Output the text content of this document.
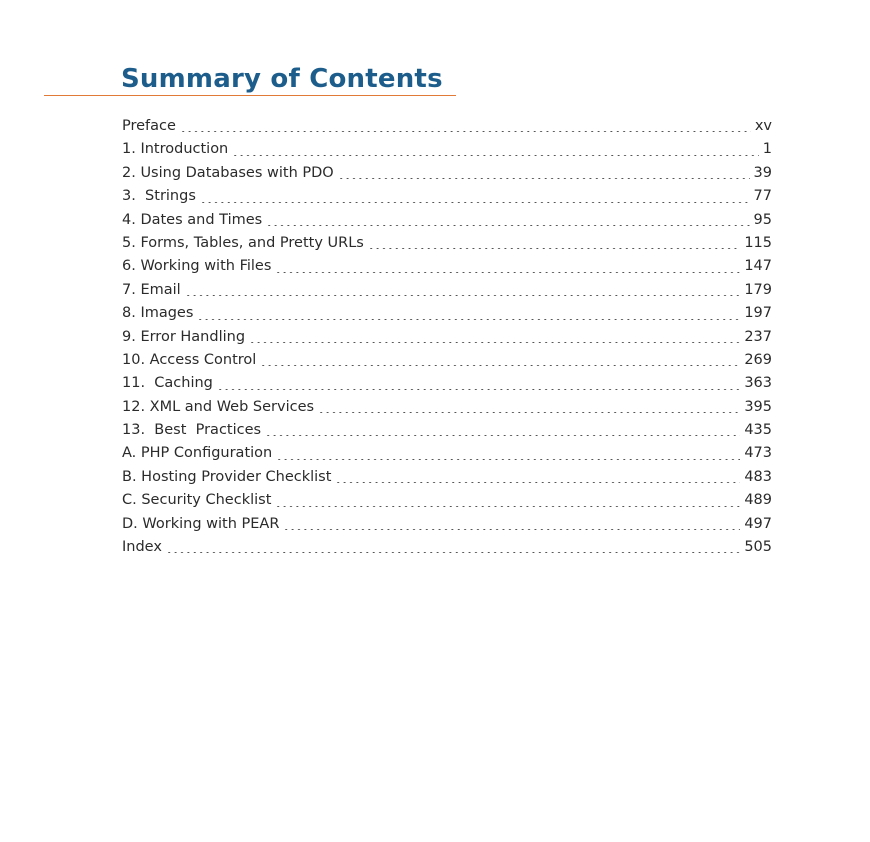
Summary of Contents
Preface	xv
1. Introduction	1
2. Using Databases with PDO	39
3.  Strings	77
4. Dates and Times	95
5. Forms, Tables, and Pretty URLs	115
6. Working with Files	147
7. Email	179
8. Images	197
9. Error Handling	237
10. Access Control	269
11.  Caching	363
12. XML and Web Services	395
13.  Best  Practices	435
A. PHP Configuration	473
B. Hosting Provider Checklist	483
C. Security Checklist	489
D. Working with PEAR	497
Index	505
